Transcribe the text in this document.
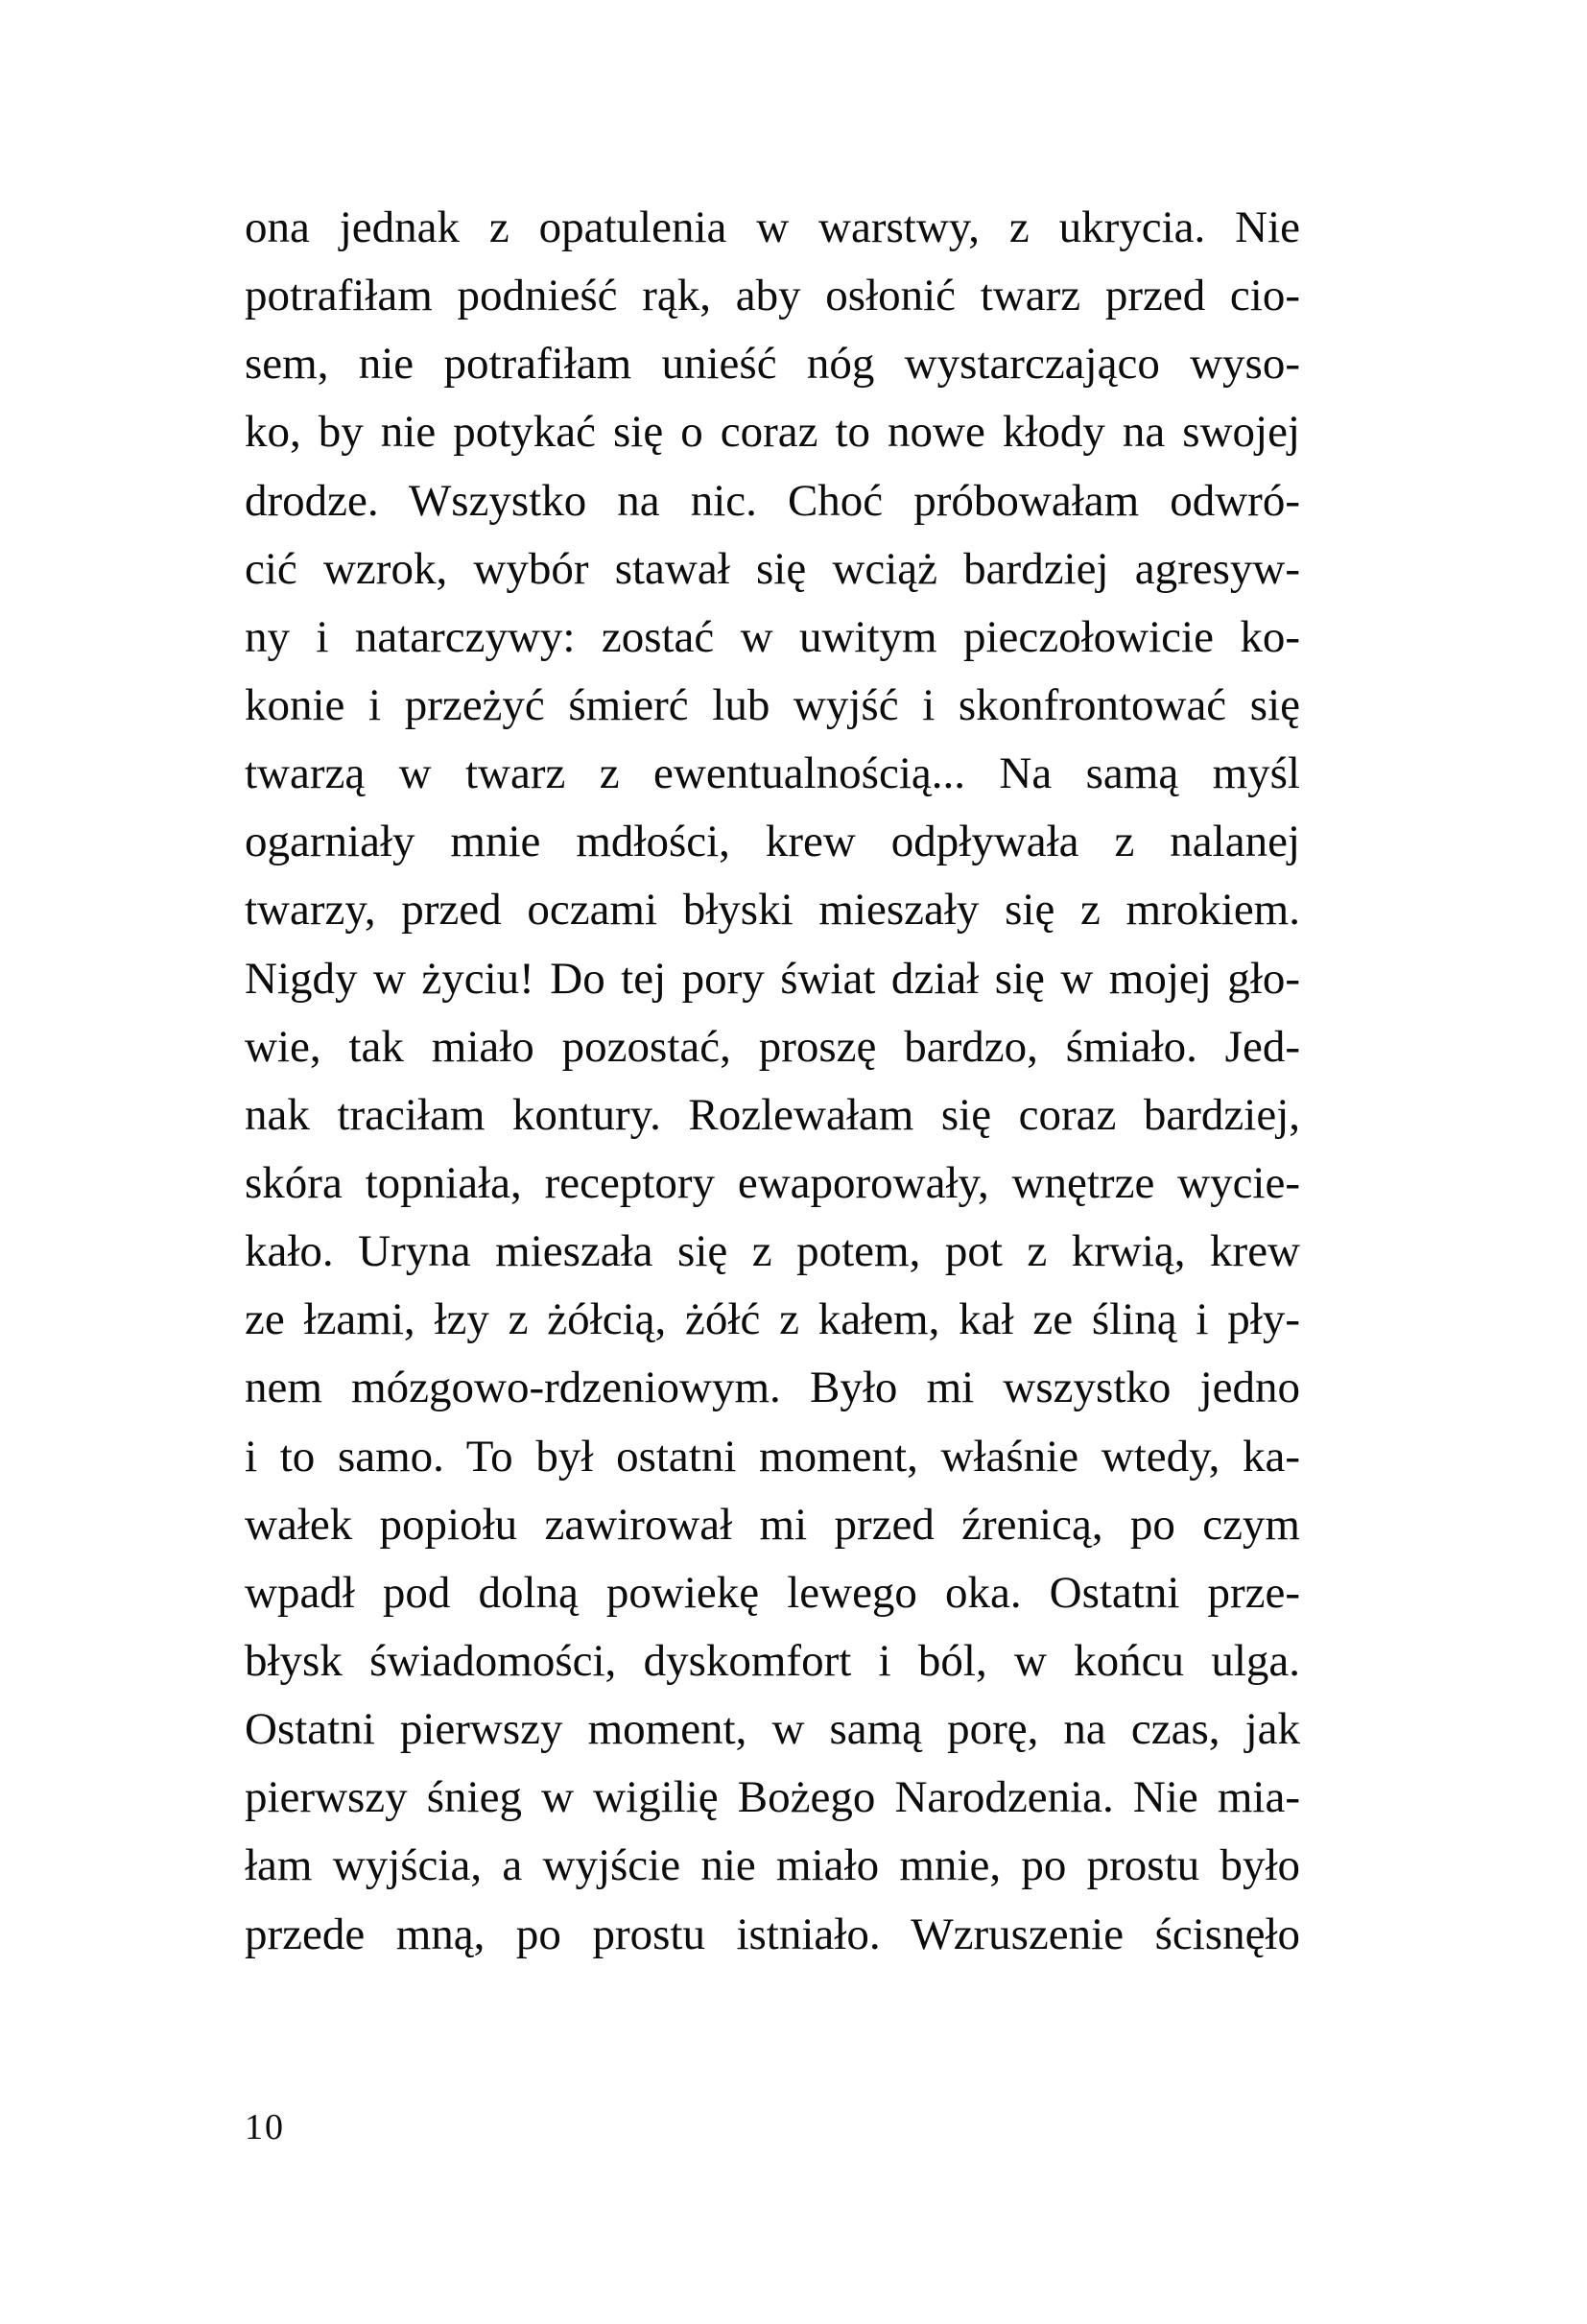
ona jednak z opatulenia w warstwy, z ukrycia. Nie
potrafiłam podnieść rąk, aby osłonić twarz przed cio-
sem, nie potrafiłam unieść nóg wystarczająco wyso-
ko, by nie potykać się o coraz to nowe kłody na swojej
drodze. Wszystko na nic. Choć próbowałam odwró-
cić wzrok, wybór stawał się wciąż bardziej agresyw-
ny i natarczywy: zostać w uwitym pieczołowicie ko-
konie i przeżyć śmierć lub wyjść i skonfrontować się
twarzą w twarz z ewentualnością... Na samą myśl
ogarniały mnie mdłości, krew odpływała z nalanej
twarzy, przed oczami błyski mieszały się z mrokiem.
Nigdy w życiu! Do tej pory świat dział się w mojej gło-
wie, tak miało pozostać, proszę bardzo, śmiało. Jed-
nak traciłam kontury. Rozlewałam się coraz bardziej,
skóra topniała, receptory ewaporowały, wnętrze wycie-
kało. Uryna mieszała się z potem, pot z krwią, krew
ze łzami, łzy z żółcią, żółć z kałem, kał ze śliną i pły-
nem mózgowo-rdzeniowym. Było mi wszystko jedno
i to samo. To był ostatni moment, właśnie wtedy, ka-
wałek popiołu zawirował mi przed źrenicą, po czym
wpadł pod dolną powiekę lewego oka. Ostatni prze-
błysk świadomości, dyskomfort i ból, w końcu ulga.
Ostatni pierwszy moment, w samą porę, na czas, jak
pierwszy śnieg w wigilię Bożego Narodzenia. Nie mia-
łam wyjścia, a wyjście nie miało mnie, po prostu było
przede mną, po prostu istniało. Wzruszenie ścisnęło
10
